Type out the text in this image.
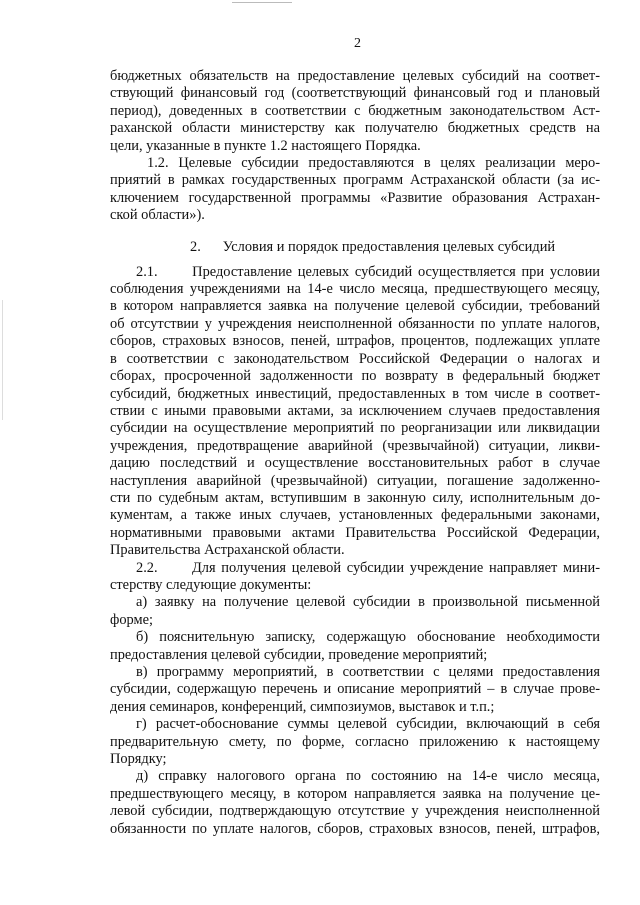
2

бюджетных обязательств на предоставление целевых субсидий на соответ-
ствующий финансовый год (соответствующий финансовый год и плановый
период), доведенных в соответствии с бюджетным законодательством Аст-
раханской области министерству как получателю бюджетных средств на
цели, указанные в пункте 1.2 настоящего Порядка.

1.2. Целевые субсидии предоставляются в целях реализации меро-
приятий в рамках государственных программ Астраханской области (за ис-
ключением государственной программы «Развитие образования Астрахан-
ской области»).

2.1.      Предоставление целевых субсидий осуществляется при условии
соблюдения учреждениями на 14-е число месяца, предшествующего месяцу,
в котором направляется заявка на получение целевой субсидии, требований
об отсутствии у учреждения неисполненной обязанности по уплате налогов,
сборов, страховых взносов, пеней, штрафов, процентов, подлежащих уплате
в соответствии с законодательством Российской Федерации о налогах и
сборах, просроченной задолженности по возврату в федеральный бюджет
субсидий, бюджетных инвестиций, предоставленных в том числе в соответ-
ствии с иными правовыми актами, за исключением случаев предоставления
субсидии на осуществление мероприятий по реорганизации или ликвидации
учреждения, предотвращение аварийной (чрезвычайной) ситуации, ликви-
дацию последствий и осуществление восстановительных работ в случае
наступления аварийной (чрезвычайной) ситуации, погашение задолженно-
сти по судебным актам, вступившим в законную силу, исполнительным до-
кументам, а также иных случаев, установленных федеральными законами,
нормативными правовыми актами Правительства Российской Федерации,
Правительства Астраханской области.

2.2.      Для получения целевой субсидии учреждение направляет мини-
стерству следующие документы:

а) заявку на получение целевой субсидии в произвольной письменной
форме;

б) пояснительную записку, содержащую обоснование необходимости
предоставления целевой субсидии, проведение мероприятий;

в) программу мероприятий, в соответствии с целями предоставления
субсидии, содержащую перечень и описание мероприятий – в случае прове-
дения семинаров, конференций, симпозиумов, выставок и т.п.;

г) расчет-обоснование суммы целевой субсидии, включающий в себя
предварительную смету, по форме, согласно приложению к настоящему
Порядку;

д) справку налогового органа по состоянию на 14-е число месяца,
предшествующего месяцу, в котором направляется заявка на получение це-
левой субсидии, подтверждающую отсутствие у учреждения неисполненной
обязанности по уплате налогов, сборов, страховых взносов, пеней, штрафов,

2. Условия и порядок предоставления целевых субсидий
